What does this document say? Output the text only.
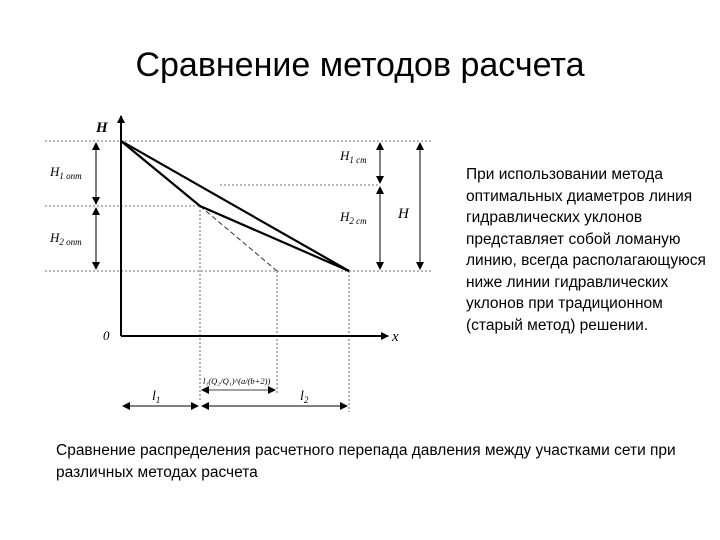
Сравнение методов расчета
H
x
0
$H_{1 опт}$
$H_{2 опт}$
$H_{1 ст}$
$H_{2 ст}$ H
$l_1$	$l_2$
l₁(Q₂/Q₁)^(a/(b+2))
При использовании метода оптимальных диаметров линия гидравлических уклонов представляет собой ломаную линию, всегда располагающуюся ниже линии гидравлических уклонов при традиционном (старый метод) решении.
Сравнение распределения расчетного перепада давления между участками сети при различных методах расчета
